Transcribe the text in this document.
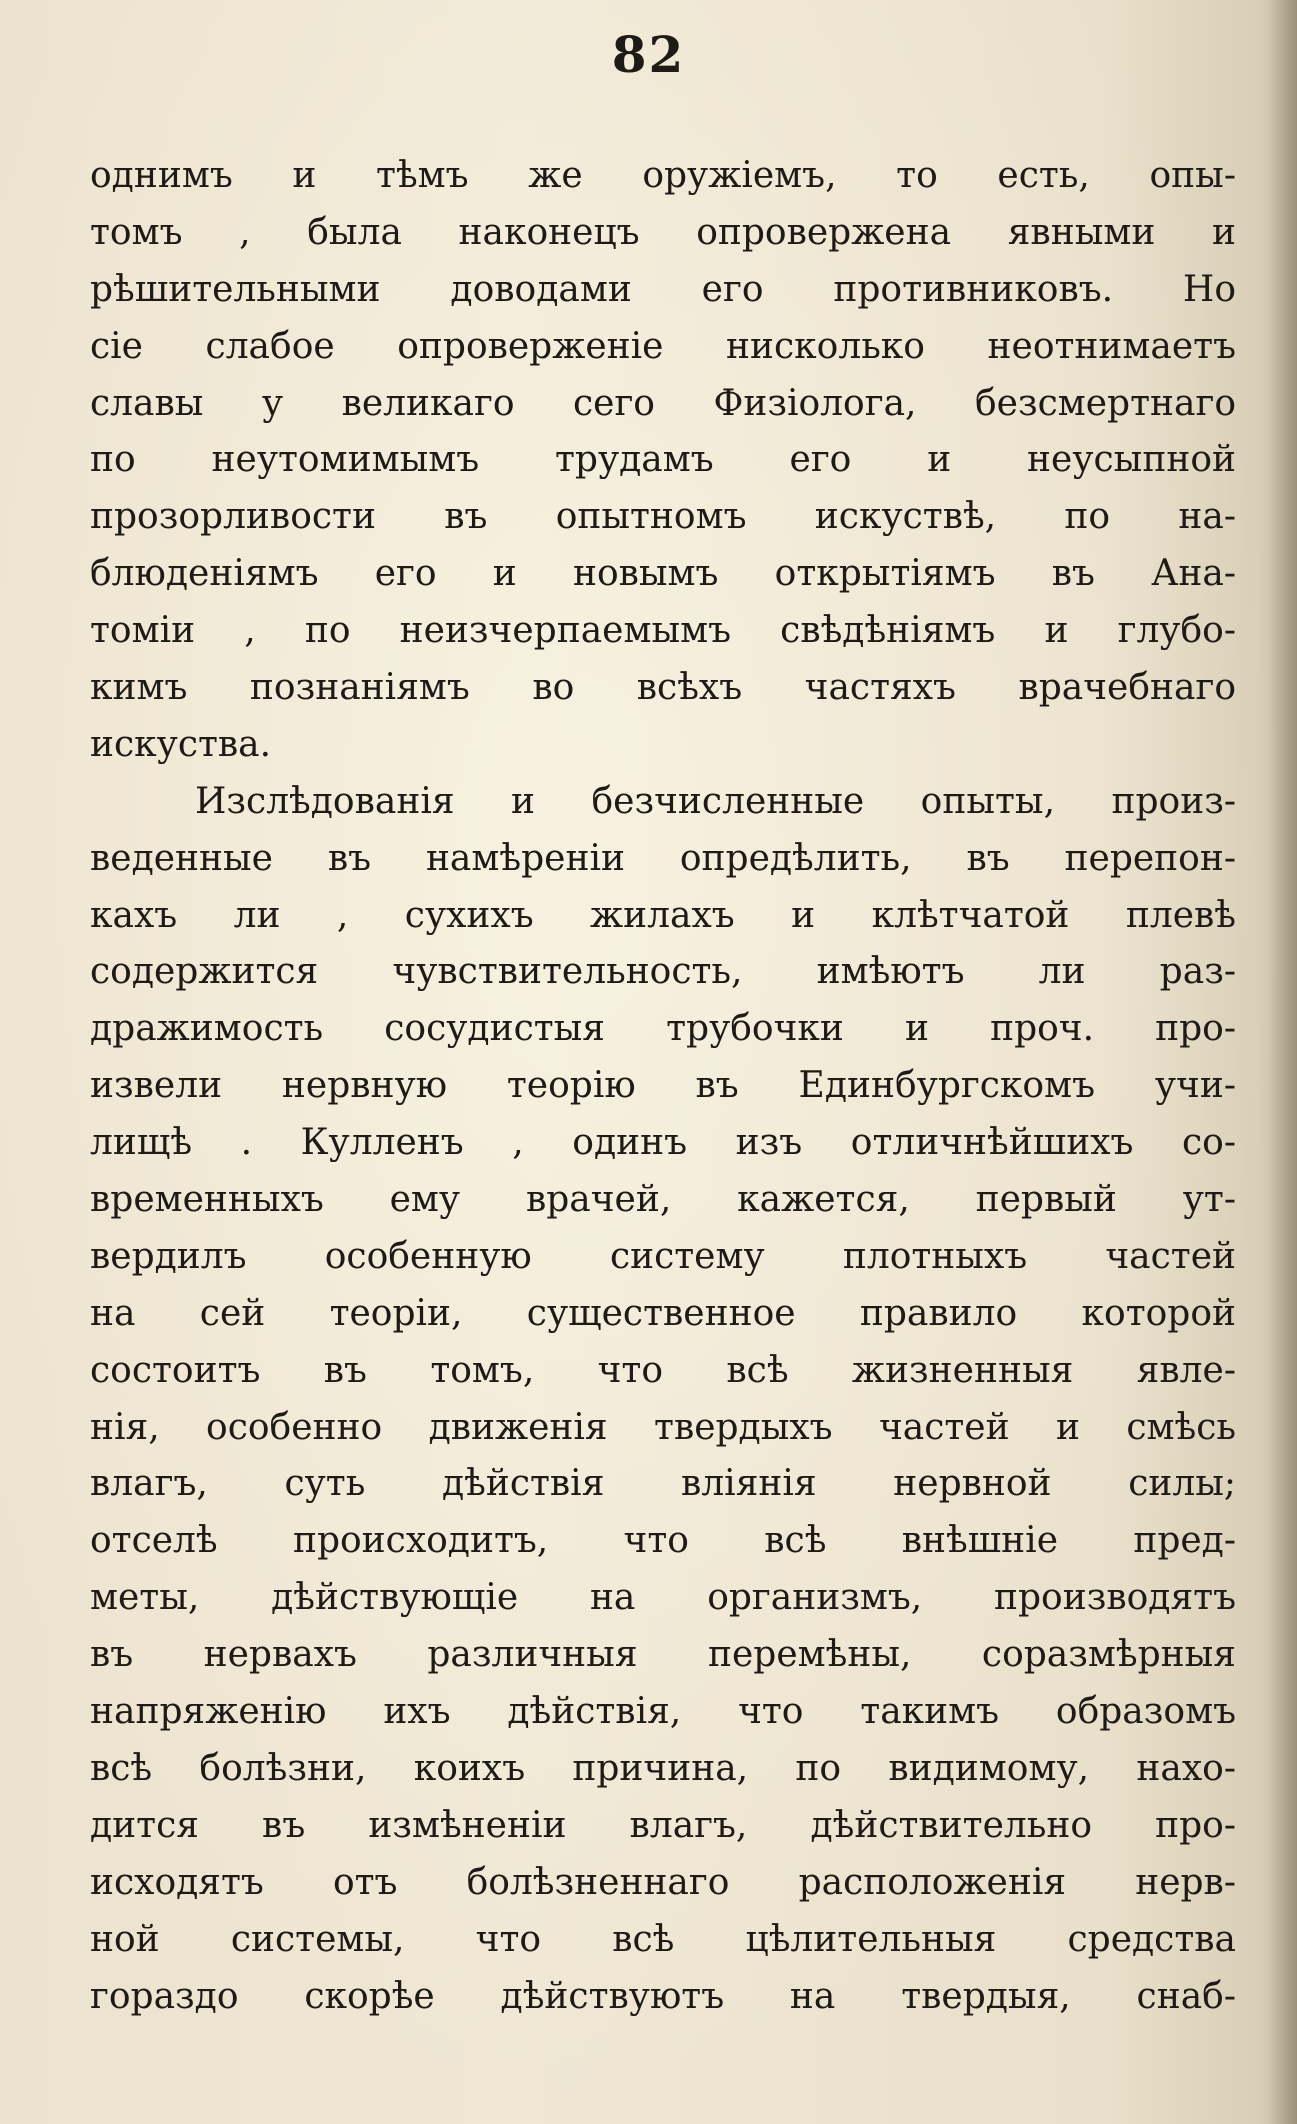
82
однимъ и тѣмъ же оружіемъ, то есть, опы-
томъ , была наконецъ опровержена явными и
рѣшительными доводами его противниковъ. Но
сіе слабое опроверженіе нисколько неотнимаетъ
славы у великаго сего Физіолога, безсмертнаго
по неутомимымъ трудамъ его и неусыпной
прозорливости въ опытномъ искуствѣ, по на-
блюденіямъ его и новымъ открытіямъ въ Ана-
томіи , по неизчерпаемымъ свѣдѣніямъ и глубо-
кимъ познаніямъ во всѣхъ частяхъ врачебнаго
искуства.
Изслѣдованія и безчисленные опыты, произ-
веденные въ намѣреніи опредѣлить, въ перепон-
кахъ ли , сухихъ жилахъ и клѣтчатой плевѣ
содержится чувствительность, имѣютъ ли раз-
дражимость сосудистыя трубочки и проч. про-
извели нервную теорію въ Единбургскомъ учи-
лищѣ . Кулленъ , одинъ изъ отличнѣйшихъ со-
временныхъ ему врачей, кажется, первый ут-
вердилъ особенную систему плотныхъ частей
на сей теоріи, существенное правило которой
состоитъ въ томъ, что всѣ жизненныя явле-
нія, особенно движенія твердыхъ частей и смѣсь
влагъ, суть дѣйствія вліянія нервной силы;
отселѣ происходитъ, что всѣ внѣшніе пред-
меты, дѣйствующіе на организмъ, производятъ
въ нервахъ различныя перемѣны, соразмѣрныя
напряженію ихъ дѣйствія, что такимъ образомъ
всѣ болѣзни, коихъ причина, по видимому, нахо-
дится въ измѣненіи влагъ, дѣйствительно про-
исходятъ отъ болѣзненнаго расположенія нерв-
ной системы, что всѣ цѣлительныя средства
гораздо скорѣе дѣйствуютъ на твердыя, снаб-
